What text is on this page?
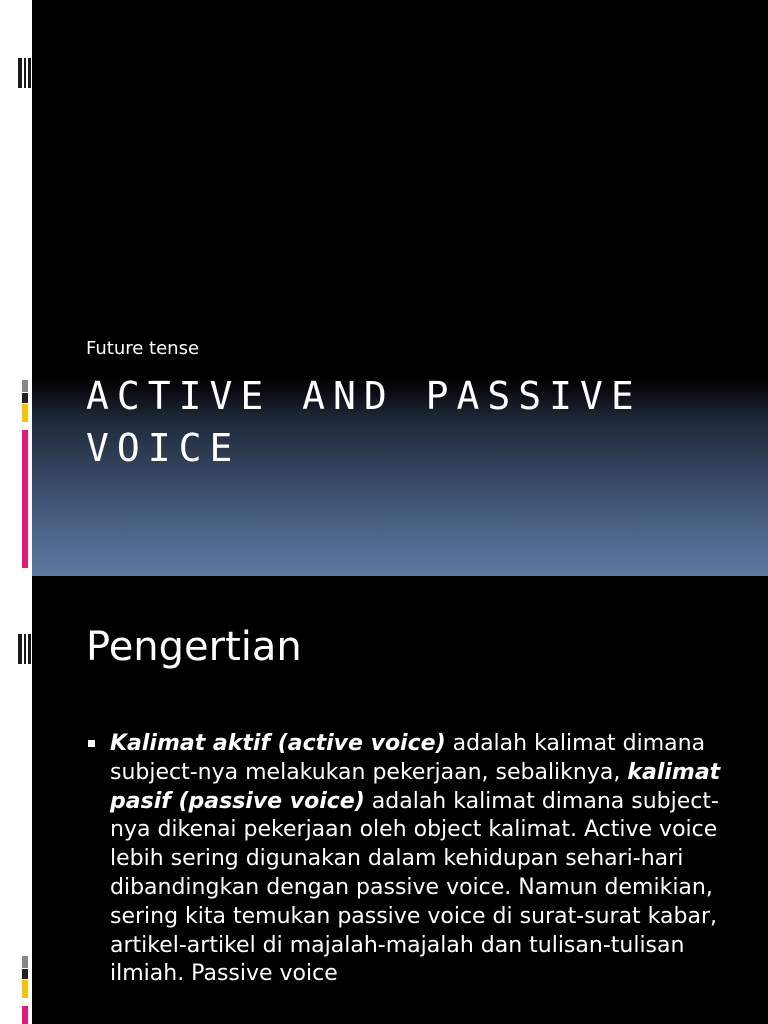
Future tense
ACTIVE AND PASSIVE VOICE
Pengertian
Kalimat aktif (active voice) adalah kalimat dimana subject-nya melakukan pekerjaan, sebaliknya, kalimat pasif (passive voice) adalah kalimat dimana subject-nya dikenai pekerjaan oleh object kalimat. Active voice lebih sering digunakan dalam kehidupan sehari-hari dibandingkan dengan passive voice. Namun demikian, sering kita temukan passive voice di surat-surat kabar, artikel-artikel di majalah-majalah dan tulisan-tulisan ilmiah. Passive voice
